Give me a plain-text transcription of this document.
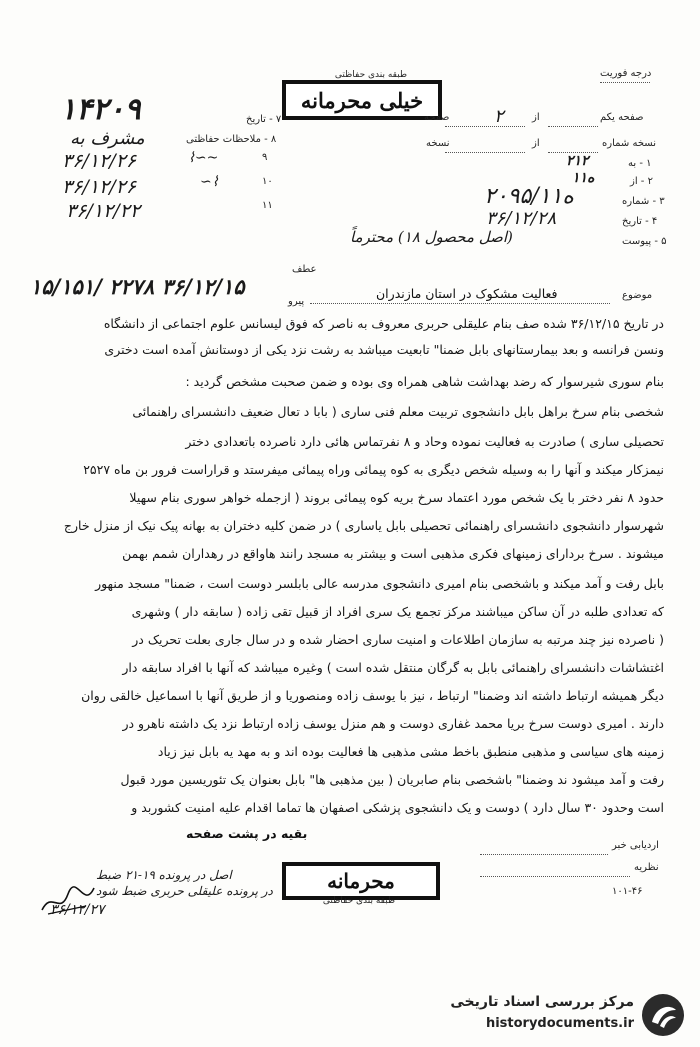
درجه فوریت
طبقه بندی حفاظتی
خیلی محرمانه
صفحه یکم
از
۲
صفحه
نسخه شماره
از
نسخه
۱ - به
۲۱۲
۲ - از
۱ه۱
۳ - شماره
۲۰۹۵/۱ه۱
۴ - تاریخ
۳۶/۱۲/۲۸
۵ - پیوست
(اصل محصول ۱۸) محترماً
۱۴۲۰۹	۷ - تاریخ
۸ - ملاحظات حفاظتی
۹
۱۰
۱۱
مشرف به
۳۶/۱۲/۲۶
۳۶/۱۲/۲۶
۳۶/۱۲/۲۲
⌇∽~
∽⌇
عطف
پیرو
۱۵/۱۵۱/ ۲۲۷۸ ۳۶/۱۲/۱۵	موضوع
فعالیت مشکوک در استان مازندران
در تاریخ ۳۶/۱۲/۱۵ شده صف بنام علیقلی حربری معروف به ناصر که فوق لیسانس علوم اجتماعی از دانشگاه
ونسن فرانسه و بعد بیمارستانهای بابل ضمنا" تابعیت میباشد به رشت نزد یکی از دوستانش آمده است دختری
بنام سوری شیرسوار که رضد بهداشت شاهی همراه وی بوده و ضمن صحبت مشخص گردید :
شخصی بنام سرخ براهل بابل دانشجوی تربیت معلم فنی ساری ( بابا د تعال ضعیف دانشسرای راهنمائی
تحصیلی ساری ) صادرت به فعالیت نموده وحاد و ۸ نفرتماس هائی دارد ناصرده باتعدادی دختر
نیمزکار میکند و آنها را به وسیله شخص دیگری به کوه پیمائی وراه پیمائی میفرستد و قراراست فرور بن ماه ۲۵۲۷
حدود ۸ نفر دختر با یک شخص مورد اعتماد سرخ بریه کوه پیمائی بروند ( ازجمله خواهر سوری بنام سهیلا
شهرسوار دانشجوی دانشسرای راهنمائی تحصیلی بابل یاساری ) در ضمن کلیه دختران به بهانه پیک نیک از منزل خارج
میشوند . سرخ بردارای زمینهای فکری مذهبی است و بیشتر به مسجد رانند هاواقع در رهداران شمم بهمن
بابل رفت و آمد میکند و باشخصی بنام امیری دانشجوی مدرسه عالی بابلسر دوست است ، ضمنا" مسجد منهور
که تعدادی طلبه در آن ساکن میباشند مرکز تجمع یک سری افراد از قبیل تقی زاده ( سابقه دار ) وشهری
( ناصرده نیز چند مرتبه به سازمان اطلاعات و امنیت ساری احضار شده و در سال جاری بعلت تحریک در
اغتشاشات دانشسرای راهنمائی بابل به گرگان منتقل شده است ) وغیره میباشد که آنها با افراد سابقه دار
دیگر همیشه ارتباط داشته اند وضمنا" ارتباط ، نیز با یوسف زاده ومنصوریا و از طریق آنها با اسماعیل خالقی روان
دارند . امیری دوست سرخ بریا محمد غفاری دوست و هم منزل یوسف زاده ارتباط نزد یک داشته ناهرو در
زمینه های سیاسی و مذهبی منطبق باخط مشی مذهبی ها فعالیت بوده اند و به مهد یه بابل نیز زیاد
رفت و آمد میشود ند وضمنا" باشخصی بنام صابریان ( بین مذهبی ها" بابل بعنوان یک تئوریسین مورد قبول
است وحدود ۳۰ سال دارد ) دوست و یک دانشجوی پزشکی اصفهان ها تماما اقدام علیه امنیت کشوربد و
بقیه در پشت صفحه
اردیابی خبر
نظریه
۱۰۱-۴۶
محرمانه
طبقه بندی حفاظتی
اصل در پرونده ۱۹-۲۱ ضبط
در پرونده علیقلی حربری ضبط شود
۳۶/۱۲/۲۷
مرکز بررسی اسناد تاریخی
historydocuments.ir
